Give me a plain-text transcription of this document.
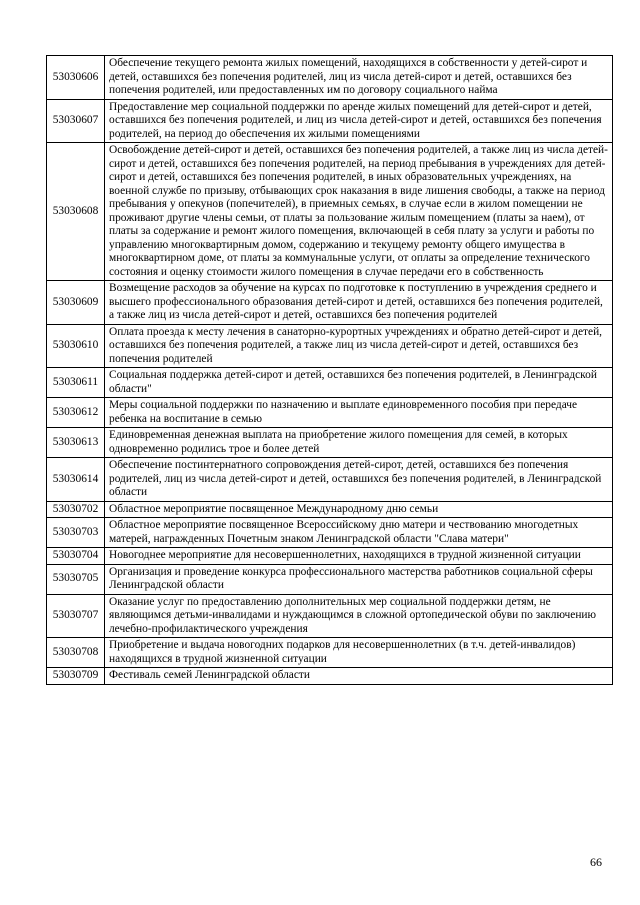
53030606	Обеспечение текущего ремонта жилых помещений, находящихся в собственности у детей-сирот и детей, оставшихся без попечения родителей, лиц из числа детей-сирот и детей, оставшихся без попечения родителей, или предоставленных им по договору социального найма
53030607	Предоставление мер социальной поддержки по аренде жилых помещений для детей-сирот и детей, оставшихся без попечения родителей, и лиц из числа детей-сирот и детей, оставшихся без попечения родителей, на период до обеспечения их жилыми помещениями
53030608	Освобождение детей-сирот и детей, оставшихся без попечения родителей, а также лиц из числа детей-сирот и детей, оставшихся без попечения родителей, на период пребывания в учреждениях для детей-сирот и детей, оставшихся без попечения родителей, в иных образовательных учреждениях, на военной службе по призыву, отбывающих срок наказания в виде лишения свободы, а также на период пребывания у опекунов (попечителей), в приемных семьях, в случае если в жилом помещении не проживают другие члены семьи, от платы за пользование жилым помещением (платы за наем), от платы за содержание и ремонт жилого помещения, включающей в себя плату за услуги и работы по управлению многоквартирным домом, содержанию и текущему ремонту общего имущества в многоквартирном доме, от платы за коммунальные услуги, от оплаты за определение технического состояния и оценку стоимости жилого помещения в случае передачи его в собственность
53030609	Возмещение расходов за обучение на курсах по подготовке к поступлению в учреждения среднего и высшего профессионального образования детей-сирот и детей, оставшихся без попечения родителей, а также лиц из числа детей-сирот и детей, оставшихся без попечения родителей
53030610	Оплата проезда к месту лечения в санаторно-курортных учреждениях и обратно детей-сирот и детей, оставшихся без попечения родителей, а также лиц из числа детей-сирот и детей, оставшихся без попечения родителей
53030611	Социальная поддержка детей-сирот и детей, оставшихся без попечения родителей, в Ленинградской области"
53030612	Меры социальной поддержки по назначению и выплате единовременного пособия при передаче ребенка на воспитание в семью
53030613	Единовременная денежная выплата на приобретение жилого помещения для семей, в которых одновременно родились трое и более детей
53030614	Обеспечение постинтернатного сопровождения детей-сирот, детей, оставшихся без попечения родителей, лиц из числа детей-сирот и детей, оставшихся без попечения родителей, в Ленинградской области
53030702	Областное мероприятие посвященное Международному дню семьи
53030703	Областное мероприятие посвященное Всероссийскому дню матери и чествованию многодетных матерей, награжденных Почетным знаком Ленинградской области "Слава матери"
53030704	Новогоднее мероприятие для несовершеннолетних, находящихся в трудной жизненной ситуации
53030705	Организация и проведение конкурса профессионального мастерства работников социальной сферы Ленинградской области
53030707	Оказание услуг по предоставлению дополнительных мер социальной поддержки детям, не являющимся детьми-инвалидами и нуждающимся в сложной ортопедической обуви по заключению лечебно-профилактического учреждения
53030708	Приобретение и выдача новогодних подарков для несовершеннолетних (в т.ч. детей-инвалидов) находящихся в трудной жизненной ситуации
53030709	Фестиваль семей Ленинградской области
66
